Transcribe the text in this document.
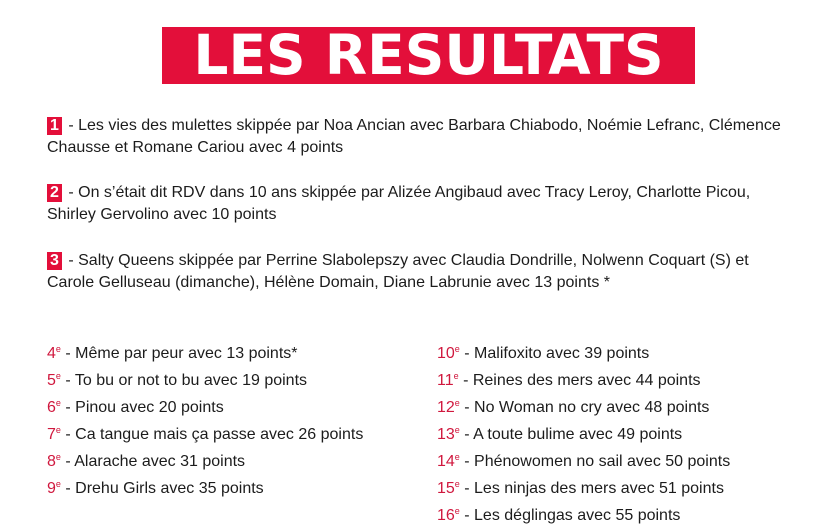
LES RESULTATS
1 - Les vies des mulettes skippée par Noa Ancian avec Barbara Chiabodo, Noémie Lefranc, Clémence Chausse et Romane Cariou avec 4 points
2 - On s’était dit RDV dans 10 ans skippée par Alizée Angibaud avec Tracy Leroy, Charlotte Picou, Shirley Gervolino avec 10 points
3 - Salty Queens skippée par Perrine Slabolepszy avec Claudia Dondrille, Nolwenn Coquart (S) et Carole Gelluseau (dimanche), Hélène Domain, Diane Labrunie avec 13 points *
4e - Même par peur avec 13 points*
5e - To bu or not to bu avec 19 points
6e - Pinou avec 20 points
7e - Ca tangue mais ça passe avec 26 points
8e - Alarache avec 31 points
9e - Drehu Girls avec 35 points
10e - Malifoxito avec 39 points
11e - Reines des mers avec 44 points
12e - No Woman no cry avec 48 points
13e - A toute bulime avec 49 points
14e - Phénowomen no sail avec 50 points
15e - Les ninjas des mers avec 51 points
16e - Les déglingas avec 55 points
